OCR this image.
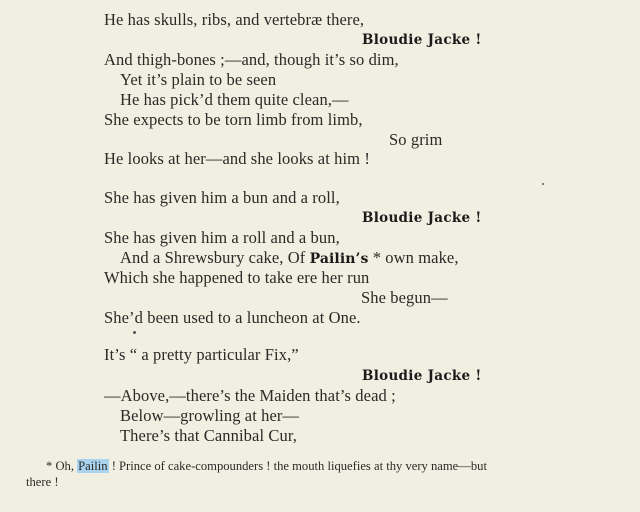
He has skulls, ribs, and vertebræ there,
Bloudie Jacke !
And thigh-bones ;—and, though it’s so dim,
Yet it’s plain to be seen
He has pick’d them quite clean,—
She expects to be torn limb from limb,
So grim
He looks at her—and she looks at him !
She has given him a bun and a roll,
Bloudie Jacke !
She has given him a roll and a bun,
And a Shrewsbury cake, Of Pailin’s * own make,
Which she happened to take ere her run
She begun—
She’d been used to a luncheon at One.
It’s “ a pretty particular Fix,”
Bloudie Jacke !
—Above,—there’s the Maiden that’s dead ;
Below—growling at her—
There’s that Cannibal Cur,
* Oh, Pailin ! Prince of cake-compounders ! the mouth liquefies at thy very name—but
there !
